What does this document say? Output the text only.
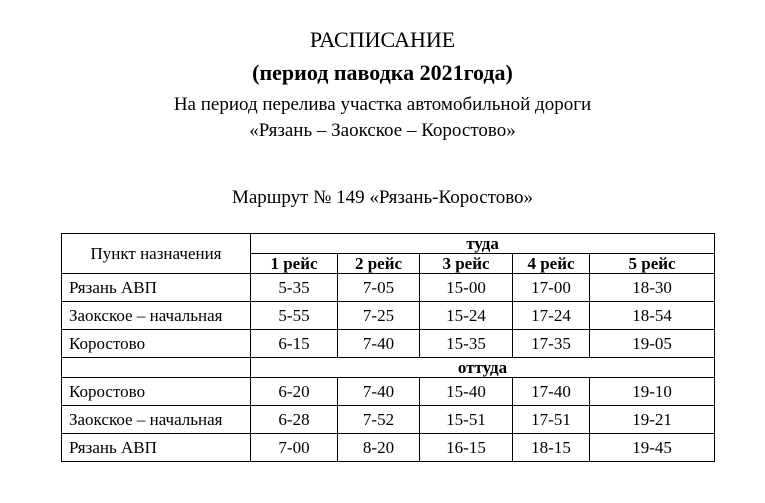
РАСПИСАНИЕ
(период паводка 2021года)
На период перелива участка автомобильной дороги
«Рязань – Заокское – Коростово»
Маршрут № 149 «Рязань-Коростово»
Пункт назначения	туда				
	1 рейс	2 рейс	3 рейс	4 рейс	5 рейс
Рязань АВП	5-35	7-05	15-00	17-00	18-30
Заокское – начальная	5-55	7-25	15-24	17-24	18-54
Коростово	6-15	7-40	15-35	17-35	19-05
	оттуда				
Коростово	6-20	7-40	15-40	17-40	19-10
Заокское – начальная	6-28	7-52	15-51	17-51	19-21
Рязань АВП	7-00	8-20	16-15	18-15	19-45
